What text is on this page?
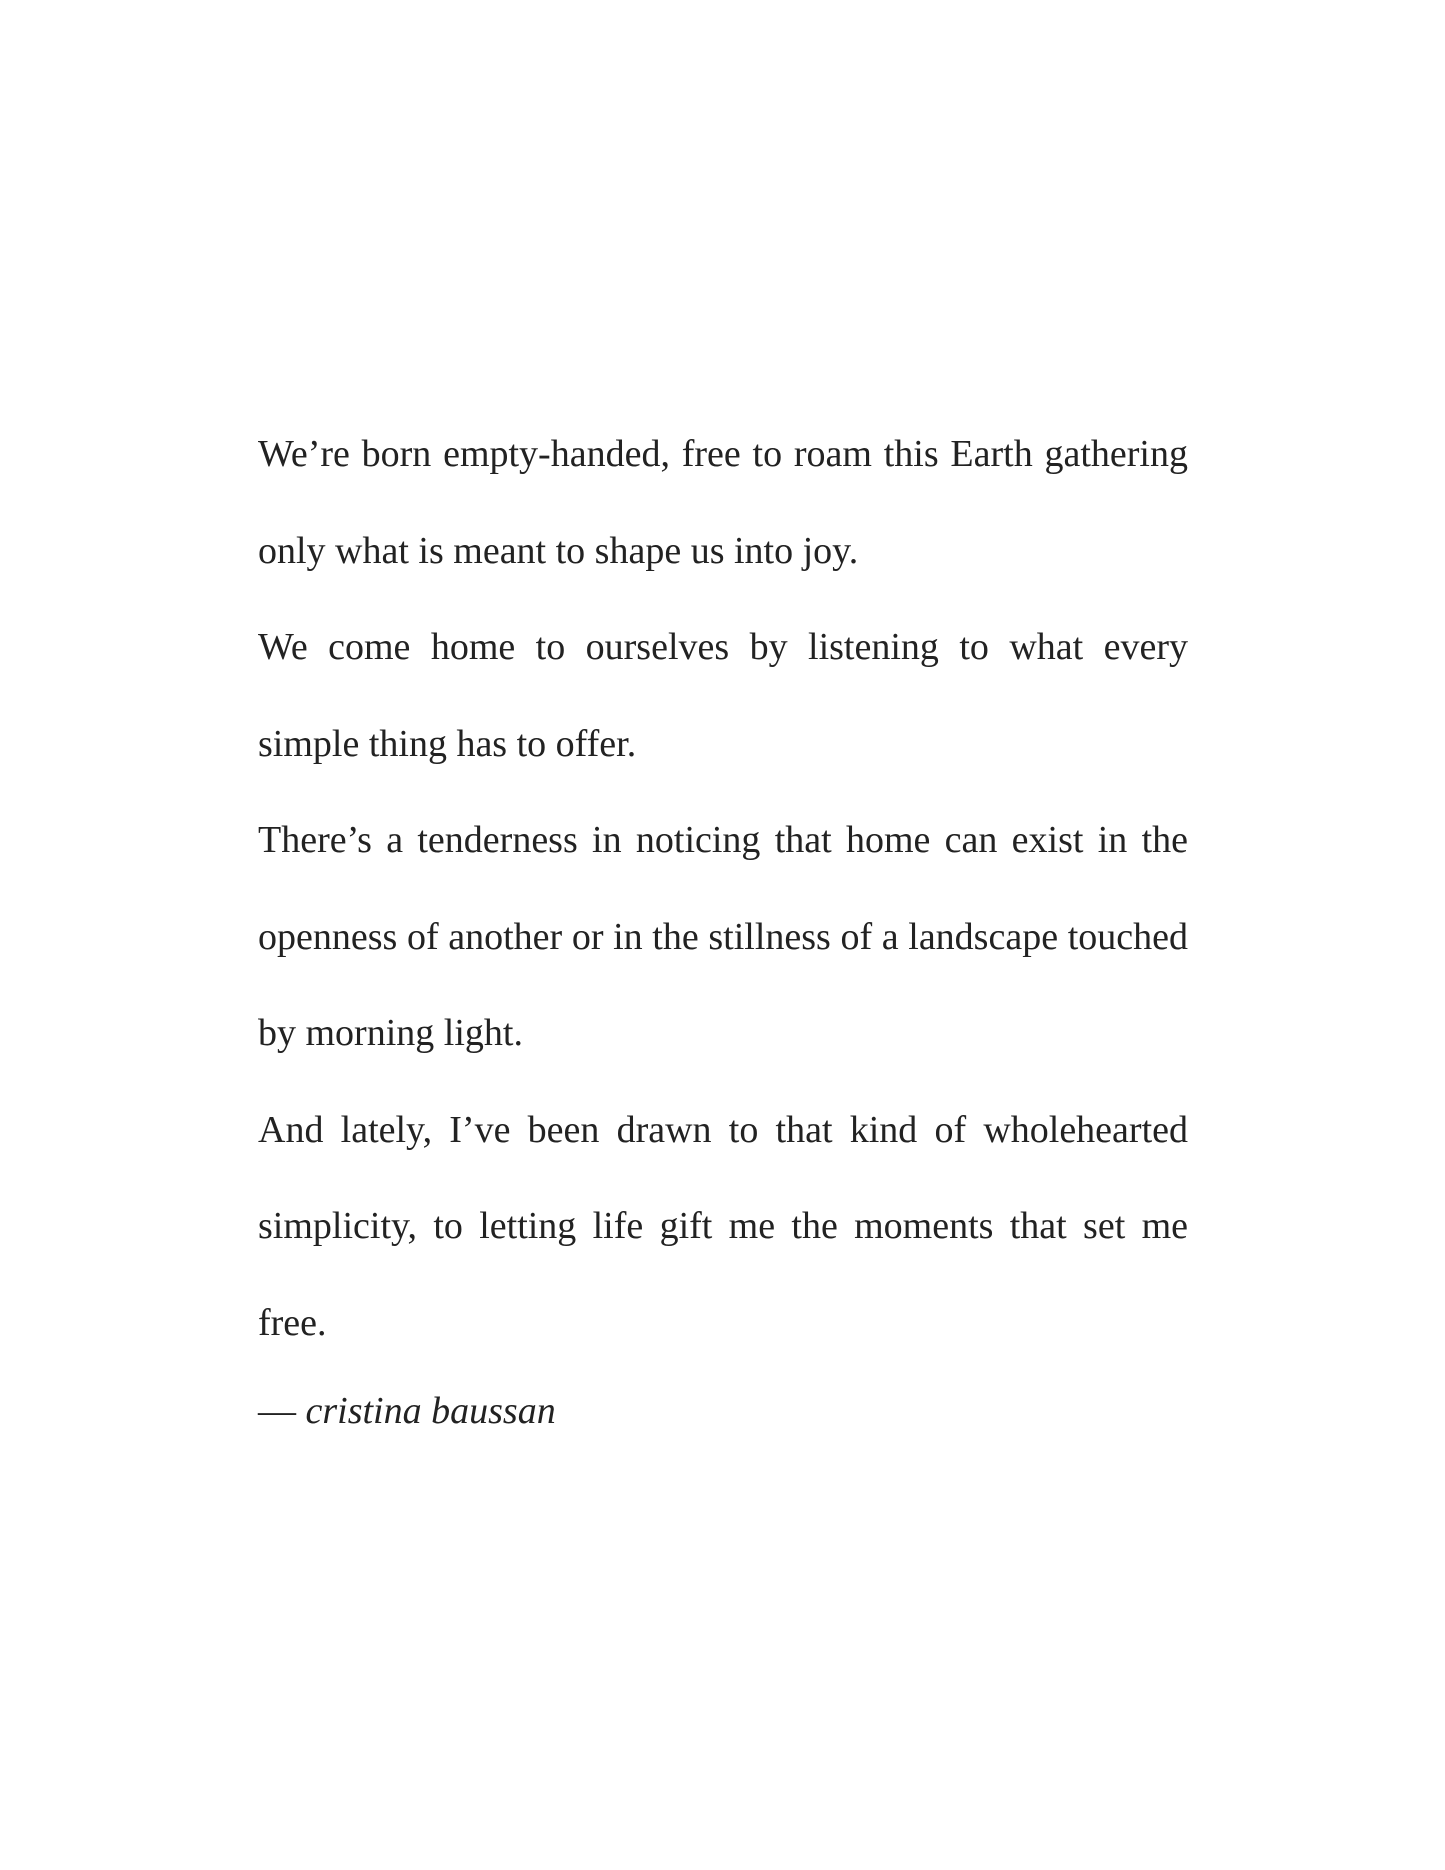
We’re born empty-handed, free to roam this Earth gathering only what is meant to shape us into joy.

We come home to ourselves by listening to what every simple thing has to offer.

There’s a tenderness in noticing that home can exist in the openness of another or in the stillness of a landscape touched by morning light.

And lately, I’ve been drawn to that kind of wholehearted simplicity, to letting life gift me the moments that set me free.

— cristina baussan
